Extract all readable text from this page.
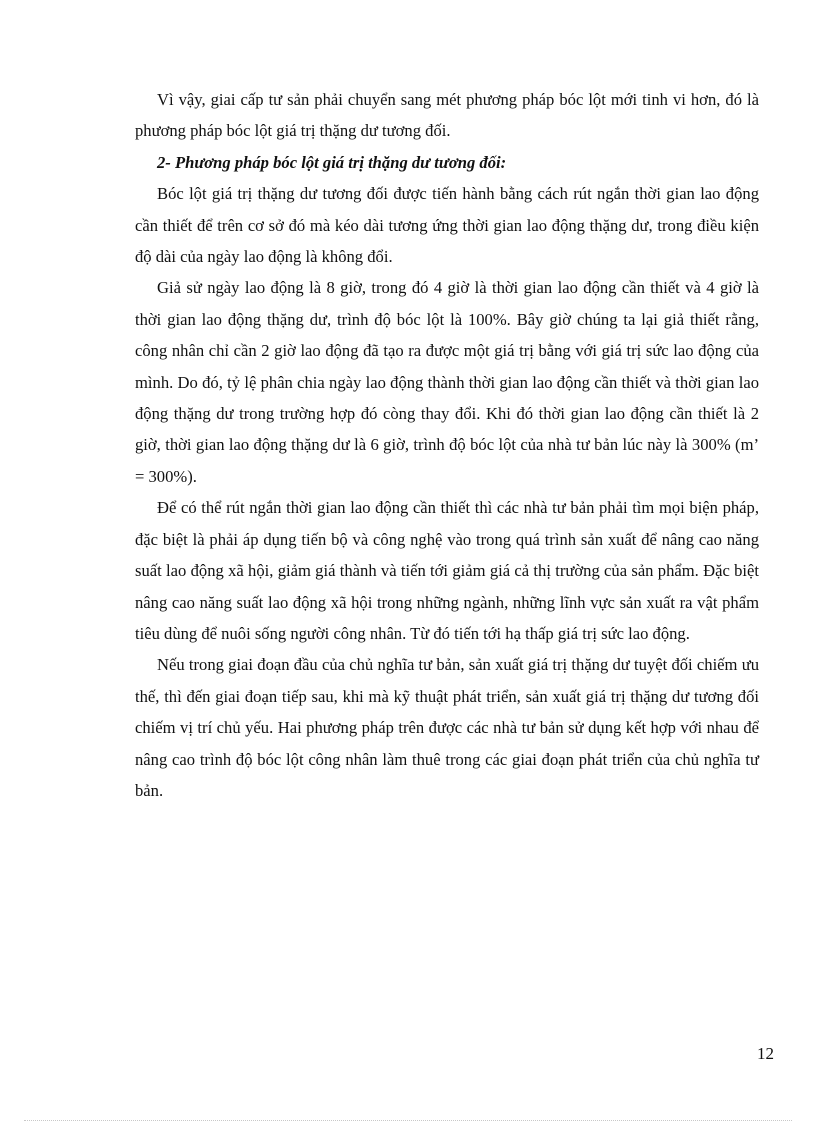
Vì vậy, giai cấp tư sản phải chuyển sang mét phương pháp bóc lột mới tinh vi hơn, đó là phương pháp bóc lột giá trị thặng dư tương đối.

2- Phương pháp bóc lột giá trị thặng dư tương đối:

Bóc lột giá trị thặng dư tương đối được tiến hành bằng cách rút ngắn thời gian lao động cần thiết để trên cơ sở đó mà kéo dài tương ứng thời gian lao động thặng dư, trong điều kiện độ dài của ngày lao động là không đổi.

Giả sử ngày lao động là 8 giờ, trong đó 4 giờ là thời gian lao động cần thiết và 4 giờ là thời gian lao động thặng dư, trình độ bóc lột là 100%. Bây giờ chúng ta lại giả thiết rằng, công nhân chỉ cần 2 giờ lao động đã tạo ra được một giá trị bằng với giá trị sức lao động của mình. Do đó, tỷ lệ phân chia ngày lao động thành thời gian lao động cần thiết và thời gian lao động thặng dư trong trường hợp đó còng thay đổi. Khi đó thời gian lao động cần thiết là 2 giờ, thời gian lao động thặng dư là 6 giờ, trình độ bóc lột của nhà tư bản lúc này là 300% (m’ = 300%).

Để có thể rút ngắn thời gian lao động cần thiết thì các nhà tư bản phải tìm mọi biện pháp, đặc biệt là phải áp dụng tiến bộ và công nghệ vào trong quá trình sản xuất để nâng cao năng suất lao động xã hội, giảm giá thành và tiến tới giảm giá cả thị trường của sản phẩm. Đặc biệt nâng cao năng suất lao động xã hội trong những ngành, những lĩnh vực sản xuất ra vật phẩm tiêu dùng để nuôi sống người công nhân. Từ đó tiến tới hạ thấp giá trị sức lao động.

Nếu trong giai đoạn đầu của chủ nghĩa tư bản, sản xuất giá trị thặng dư tuyệt đối chiếm ưu thế, thì đến giai đoạn tiếp sau, khi mà kỹ thuật phát triển, sản xuất giá trị thặng dư tương đối chiếm vị trí chủ yếu. Hai phương pháp trên được các nhà tư bản sử dụng kết hợp với nhau để nâng cao trình độ bóc lột công nhân làm thuê trong các giai đoạn phát triển của chủ nghĩa tư bản.

12
